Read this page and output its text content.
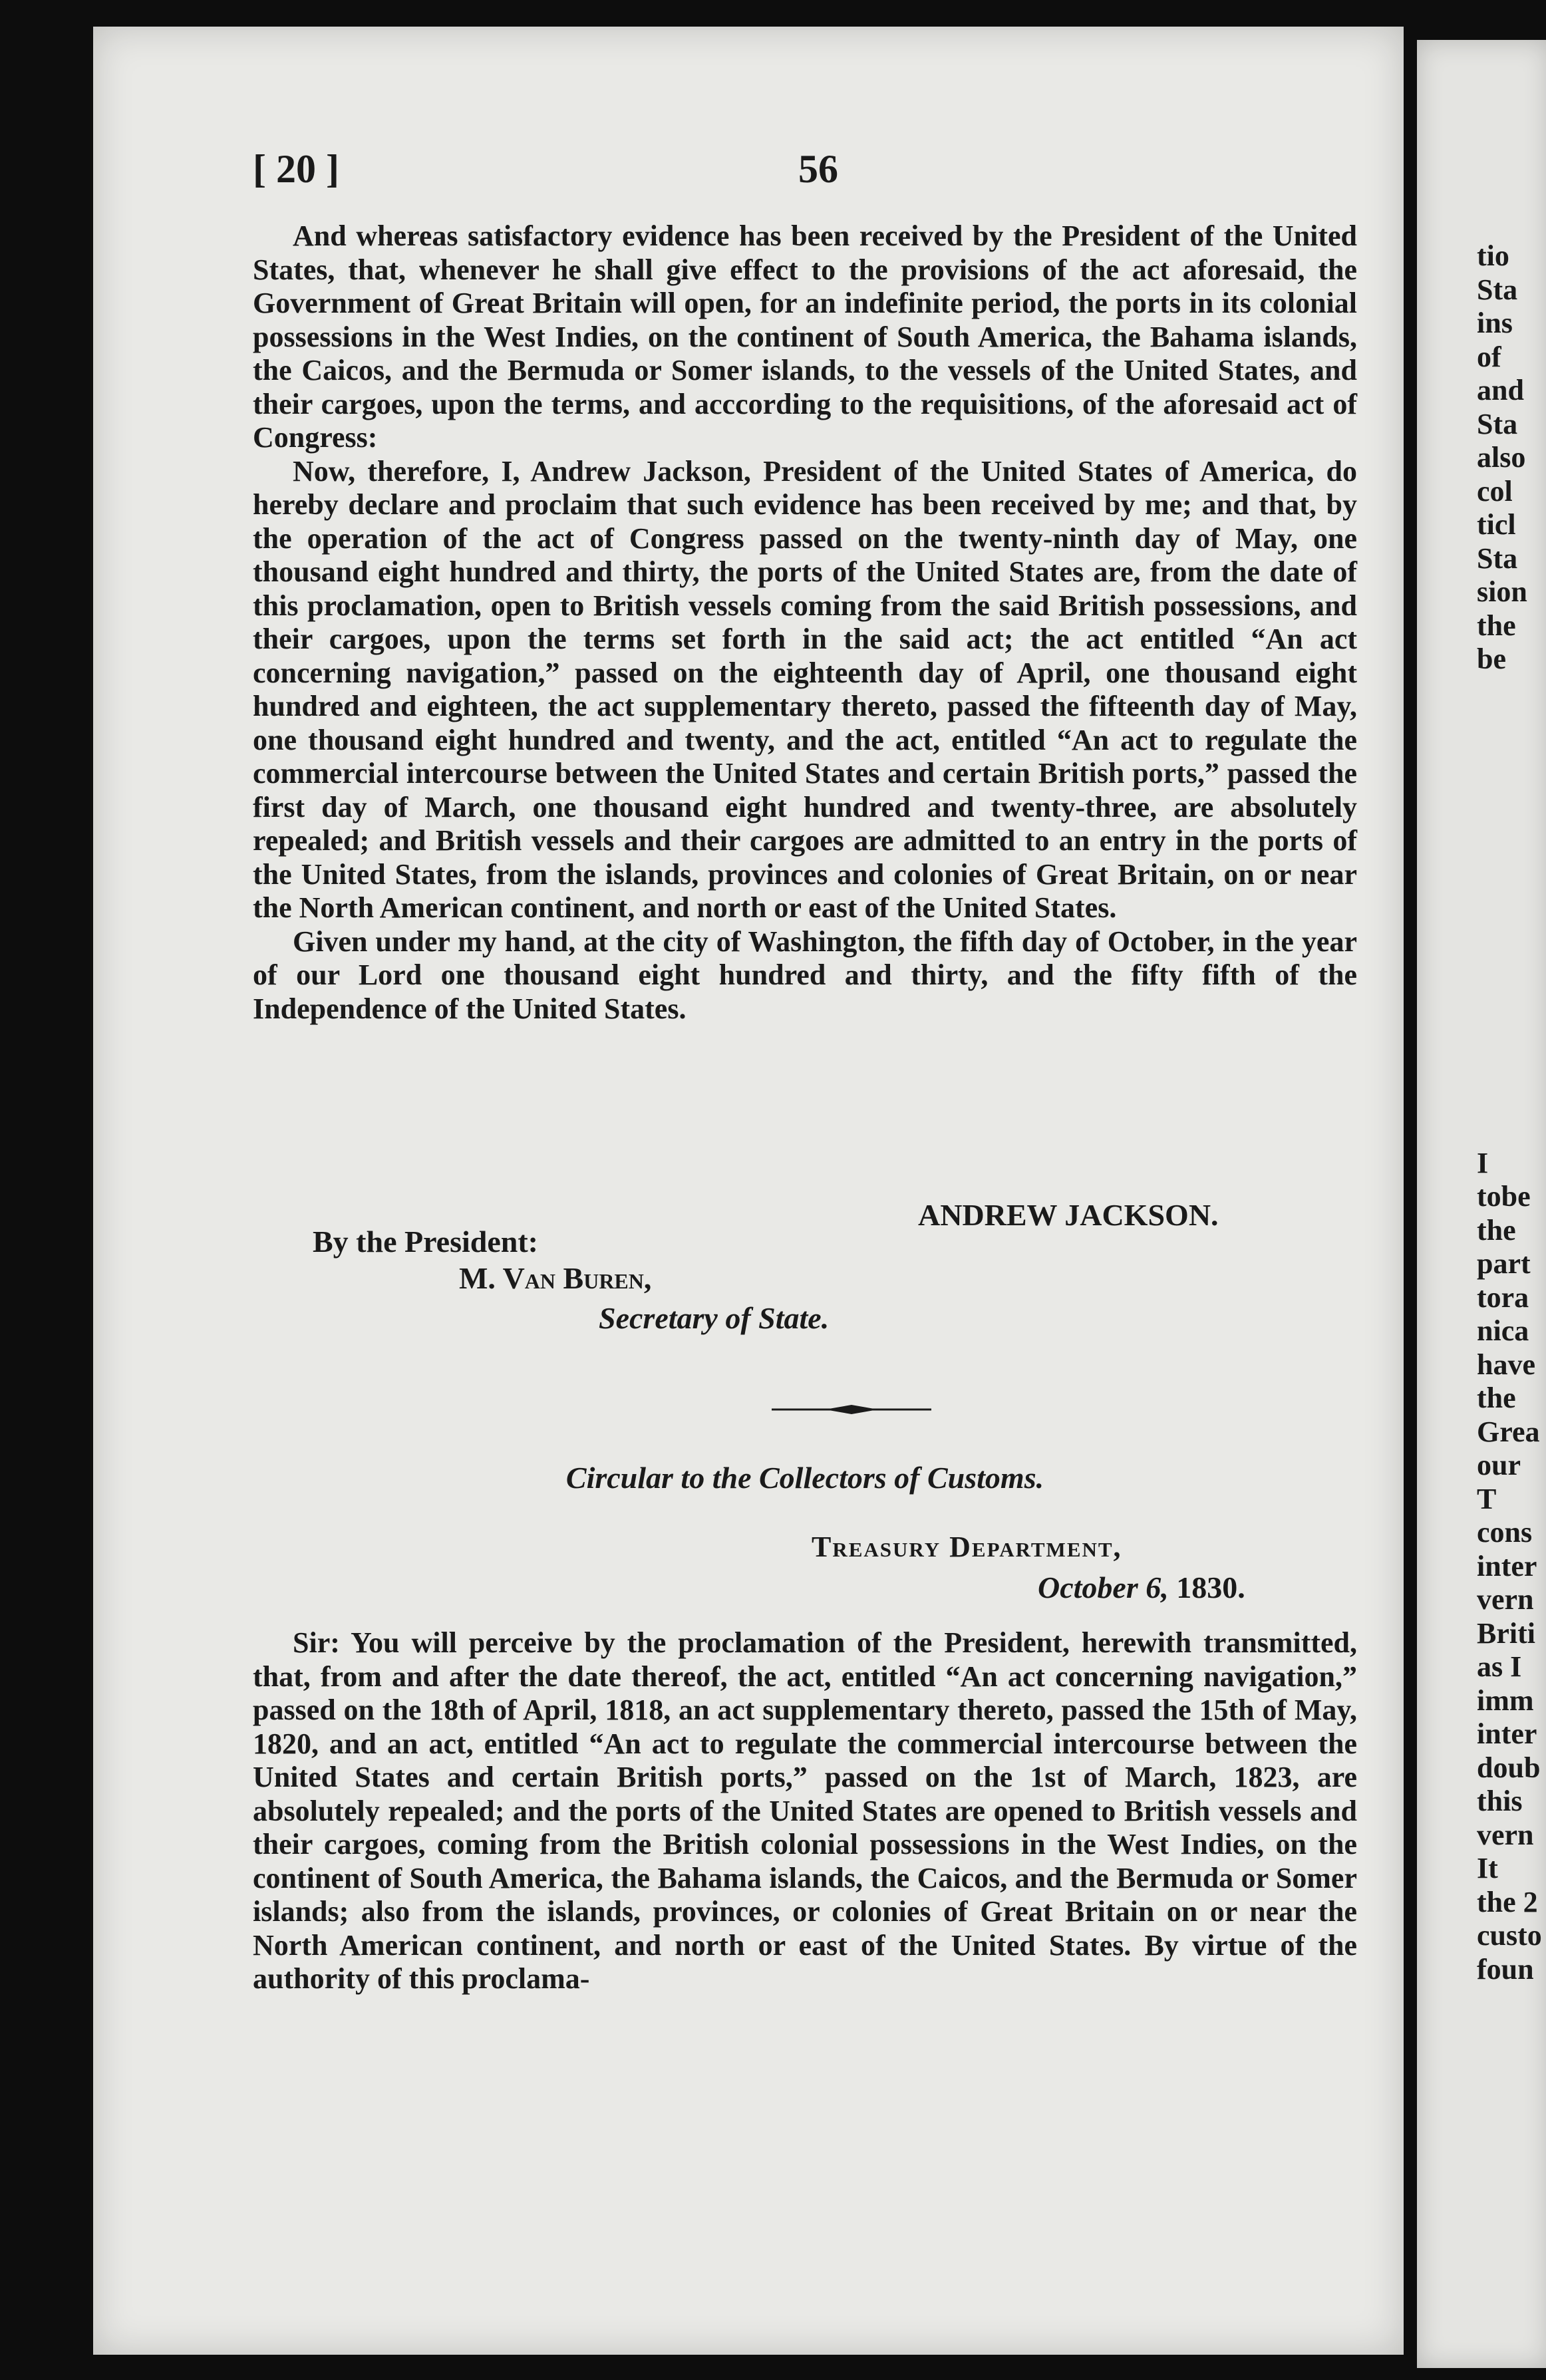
tio
Sta
ins
of
and
Sta
also
col
ticl
Sta
sion
the
be
I
tobe
the
part
tora
nica
have
the
Grea
our
T
cons
inter
vern
Briti
as I
imm
inter
doub
this
vern
It
the 2
custo
foun
[ 20 ]	56

And whereas satisfactory evidence has been received by the President of the United States, that, whenever he shall give effect to the provisions of the act aforesaid, the Government of Great Britain will open, for an indefinite period, the ports in its colonial possessions in the West Indies, on the continent of South America, the Bahama islands, the Caicos, and the Bermuda or Somer islands, to the vessels of the United States, and their cargoes, upon the terms, and acccording to the requisitions, of the aforesaid act of Congress:

Now, therefore, I, Andrew Jackson, President of the United States of America, do hereby declare and proclaim that such evidence has been received by me; and that, by the operation of the act of Congress passed on the twenty-ninth day of May, one thousand eight hundred and thirty, the ports of the United States are, from the date of this proclamation, open to British vessels coming from the said British possessions, and their cargoes, upon the terms set forth in the said act; the act entitled “An act concerning navigation,” passed on the eighteenth day of April, one thousand eight hundred and eighteen, the act supplementary thereto, passed the fifteenth day of May, one thousand eight hundred and twenty, and the act, entitled “An act to regulate the commercial intercourse between the United States and certain British ports,” passed the first day of March, one thousand eight hundred and twenty-three, are absolutely repealed; and British vessels and their cargoes are admitted to an entry in the ports of the United States, from the islands, provinces and colonies of Great Britain, on or near the North American continent, and north or east of the United States.

Given under my hand, at the city of Washington, the fifth day of October, in the year of our Lord one thousand eight hundred and thirty, and the fifty fifth of the Independence of the United States.

ANDREW JACKSON.
By the President:
M. Van Buren,
Secretary of State.
Circular to the Collectors of Customs.
Treasury Department,
October 6, 1830.

Sir: You will perceive by the proclamation of the President, herewith transmitted, that, from and after the date thereof, the act, entitled “An act concerning navigation,” passed on the 18th of April, 1818, an act supplementary thereto, passed the 15th of May, 1820, and an act, entitled “An act to regulate the commercial intercourse between the United States and certain British ports,” passed on the 1st of March, 1823, are absolutely repealed; and the ports of the United States are opened to British vessels and their cargoes, coming from the British colonial possessions in the West Indies, on the continent of South America, the Bahama islands, the Caicos, and the Bermuda or Somer islands; also from the islands, provinces, or colonies of Great Britain on or near the North American continent, and north or east of the United States. By virtue of the authority of this proclama-
